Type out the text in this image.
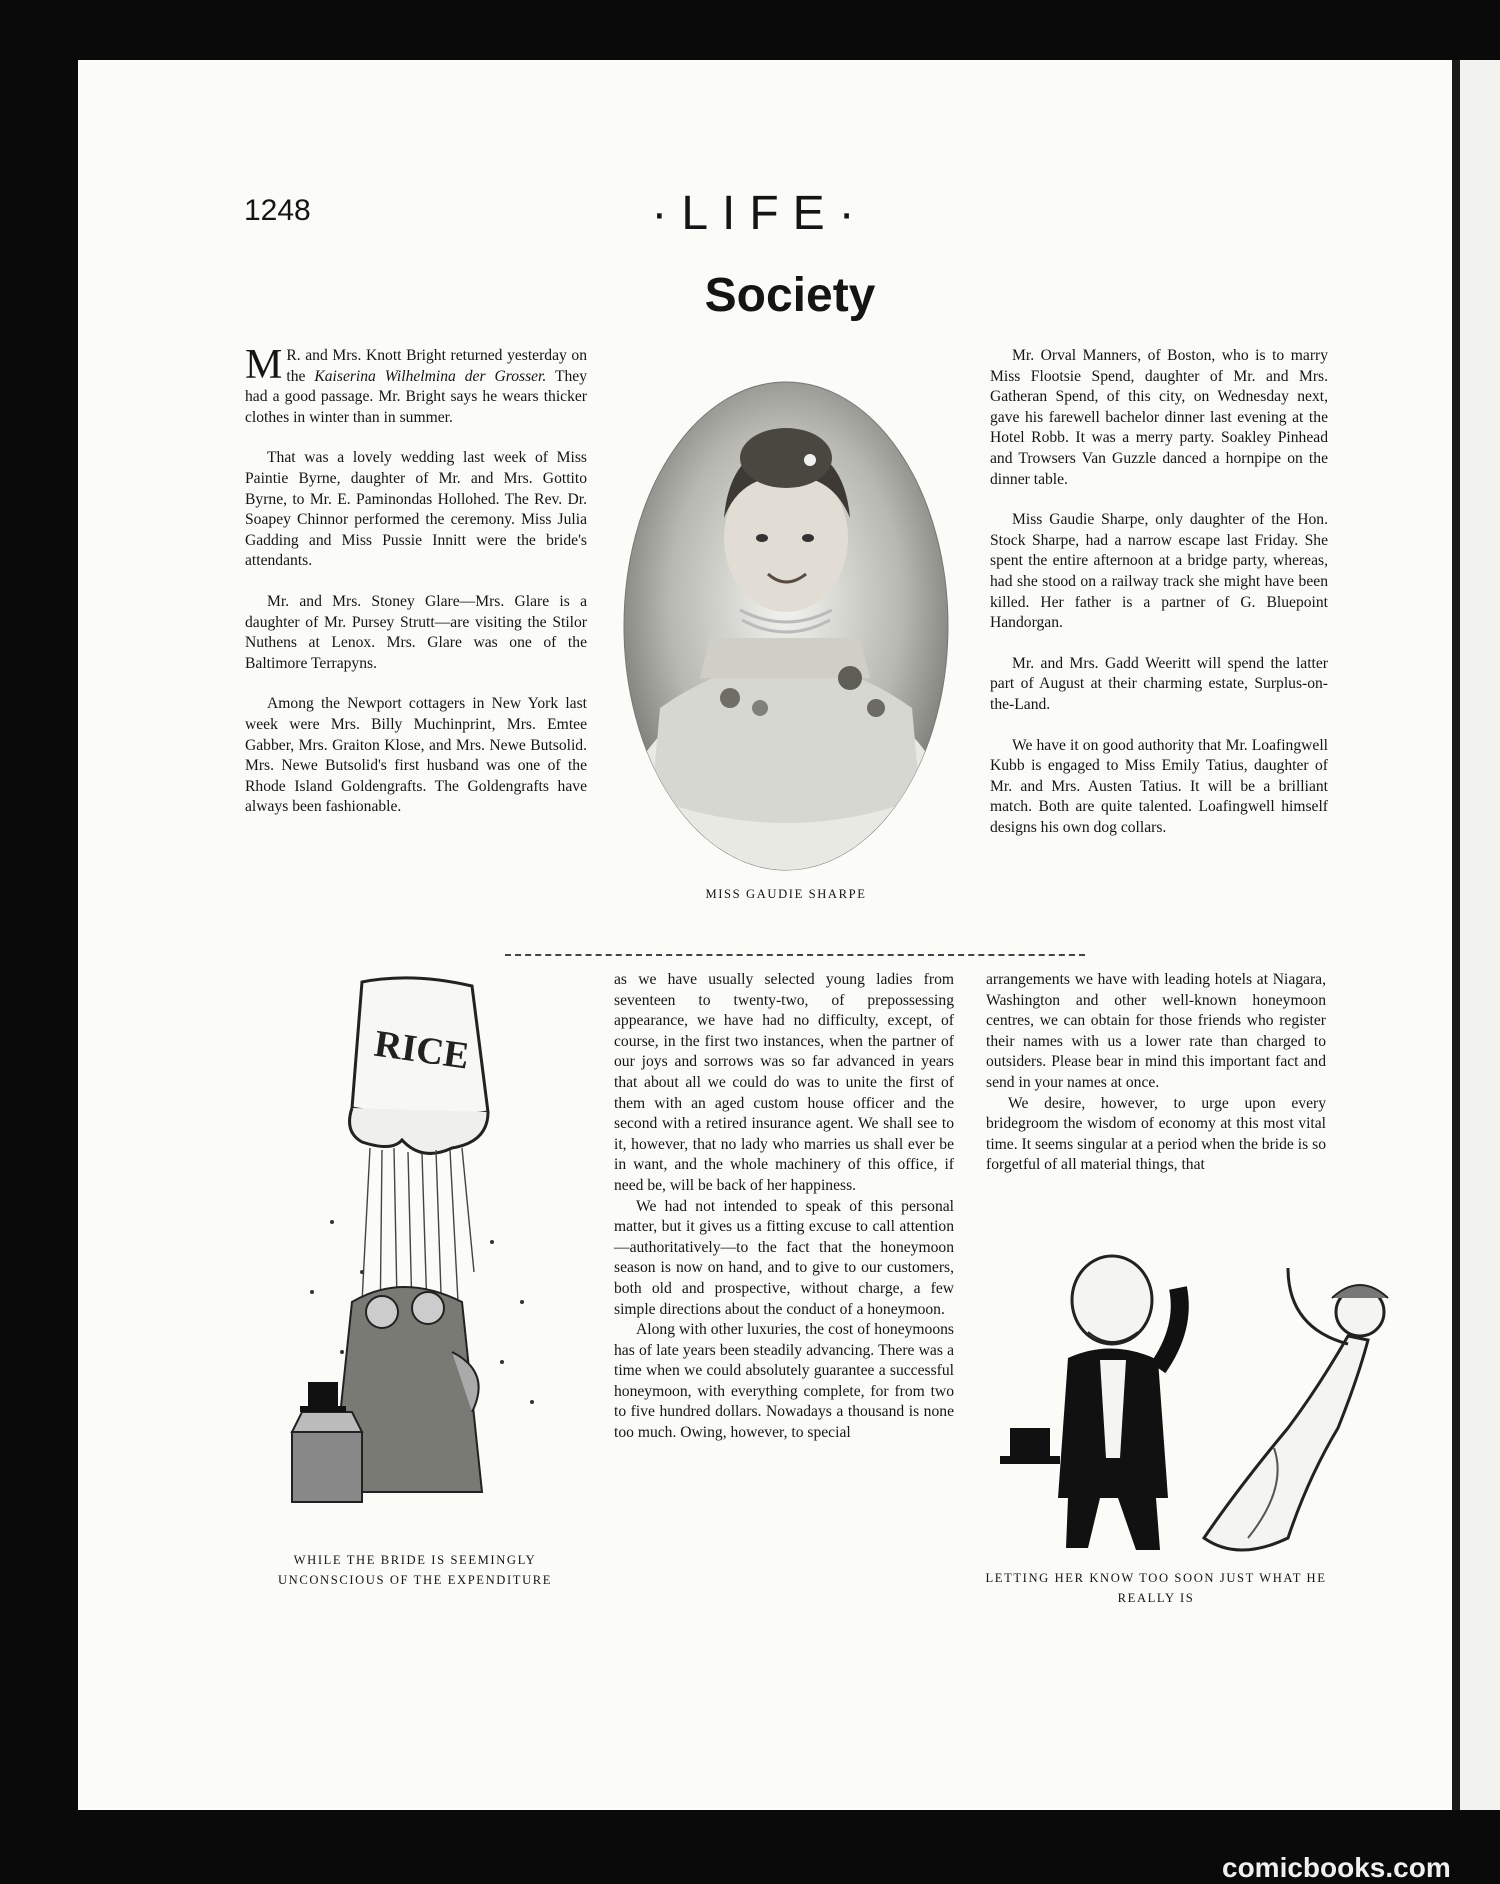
1248	·LIFE·
Society

M R. and Mrs. Knott Bright returned yesterday on the Kaiserina Wilhelmina der Grosser. They had a good passage. Mr. Bright says he wears thicker clothes in winter than in summer.

That was a lovely wedding last week of Miss Paintie Byrne, daughter of Mr. and Mrs. Gottito Byrne, to Mr. E. Paminondas Hollohed. The Rev. Dr. Soapey Chinnor performed the ceremony. Miss Julia Gadding and Miss Pussie Innitt were the bride's attendants.

Mr. and Mrs. Stoney Glare—Mrs. Glare is a daughter of Mr. Pursey Strutt—are visiting the Stilor Nuthens at Lenox. Mrs. Glare was one of the Baltimore Terrapyns.

Among the Newport cottagers in New York last week were Mrs. Billy Muchinprint, Mrs. Emtee Gabber, Mrs. Graiton Klose, and Mrs. Newe Butsolid. Mrs. Newe Butsolid's first husband was one of the Rhode Island Goldengrafts. The Goldengrafts have always been fashionable.

MISS GAUDIE SHARPE

Mr. Orval Manners, of Boston, who is to marry Miss Flootsie Spend, daughter of Mr. and Mrs. Gatheran Spend, of this city, on Wednesday next, gave his farewell bachelor dinner last evening at the Hotel Robb. It was a merry party. Soakley Pinhead and Trowsers Van Guzzle danced a hornpipe on the dinner table.

Miss Gaudie Sharpe, only daughter of the Hon. Stock Sharpe, had a narrow escape last Friday. She spent the entire afternoon at a bridge party, whereas, had she stood on a railway track she might have been killed. Her father is a partner of G. Bluepoint Handorgan.

Mr. and Mrs. Gadd Weeritt will spend the latter part of August at their charming estate, Surplus-on-the-Land.

We have it on good authority that Mr. Loafingwell Kubb is engaged to Miss Emily Tatius, daughter of Mr. and Mrs. Austen Tatius. It will be a brilliant match. Both are quite talented. Loafingwell himself designs his own dog collars.

RICE
WHILE THE BRIDE IS SEEMINGLY UNCONSCIOUS OF THE EXPENDITURE

as we have usually selected young ladies from seventeen to twenty-two, of prepossessing appearance, we have had no difficulty, except, of course, in the first two instances, when the partner of our joys and sorrows was so far advanced in years that about all we could do was to unite the first of them with an aged custom house officer and the second with a retired insurance agent. We shall see to it, however, that no lady who marries us shall ever be in want, and the whole machinery of this office, if need be, will be back of her happiness.

We had not intended to speak of this personal matter, but it gives us a fitting excuse to call attention—authoritatively—to the fact that the honeymoon season is now on hand, and to give to our customers, both old and prospective, without charge, a few simple directions about the conduct of a honeymoon.

Along with other luxuries, the cost of honeymoons has of late years been steadily advancing. There was a time when we could absolutely guarantee a successful honeymoon, with everything complete, for from two to five hundred dollars. Nowadays a thousand is none too much. Owing, however, to special

arrangements we have with leading hotels at Niagara, Washington and other well-known honeymoon centres, we can obtain for those friends who register their names with us a lower rate than charged to outsiders. Please bear in mind this important fact and send in your names at once.

We desire, however, to urge upon every bridegroom the wisdom of economy at this most vital time. It seems singular at a period when the bride is so forgetful of all material things, that

LETTING HER KNOW TOO SOON JUST WHAT HE REALLY IS
comicbooks.com
